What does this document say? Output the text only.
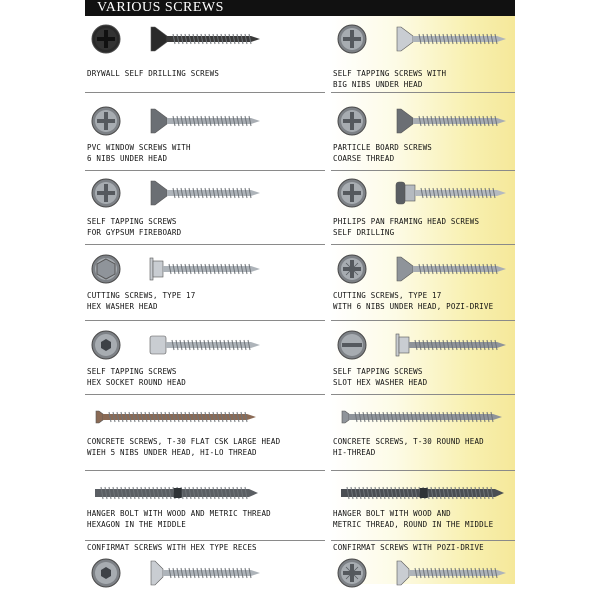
VARIOUS SCREWS
DRYWALL SELF DRILLING SCREWS	SELF TAPPING SCREWS WITH
BIG NIBS UNDER HEAD
PVC WINDOW SCREWS WITH
6 NIBS UNDER HEAD
PARTICLE BOARD SCREWS
COARSE THREAD
SELF TAPPING SCREWS
FOR GYPSUM FIREBOARD
PHILIPS PAN FRAMING HEAD SCREWS
SELF DRILLING
CUTTING SCREWS, TYPE 17
HEX WASHER HEAD
CUTTING SCREWS, TYPE 17
WITH 6 NIBS UNDER HEAD, POZI-DRIVE
SELF TAPPING SCREWS
HEX SOCKET ROUND HEAD
SELF TAPPING SCREWS
SLOT HEX WASHER HEAD
CONCRETE SCREWS, T-30 FLAT CSK LARGE HEAD
WIEH 5 NIBS UNDER HEAD, HI-LO THREAD
CONCRETE SCREWS, T-30 ROUND HEAD
HI-THREAD
HANGER BOLT WITH WOOD AND METRIC THREAD
HEXAGON IN THE MIDDLE
HANGER BOLT WITH WOOD AND
METRIC THREAD, ROUND IN THE MIDDLE
CONFIRMAT SCREWS WITH HEX TYPE RECES	CONFIRMAT SCREWS WITH POZI-DRIVE
